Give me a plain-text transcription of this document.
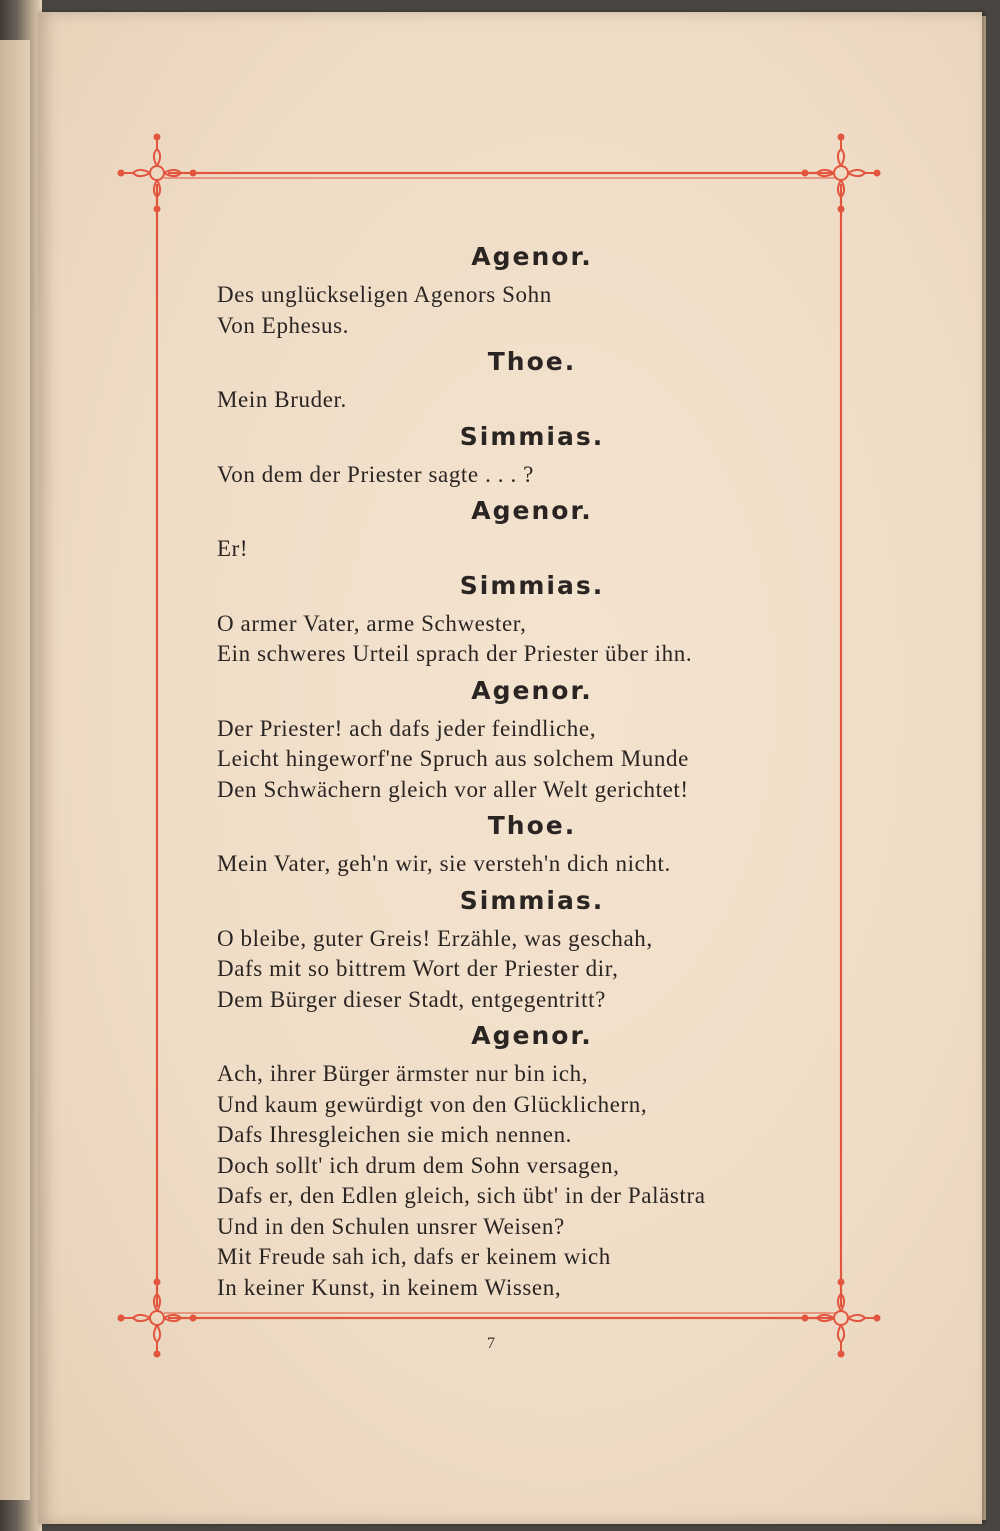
Agenor.
Des unglückseligen Agenors Sohn
Von Ephesus.
Thoe.
Mein Bruder.
Simmias.
Von dem der Priester sagte . . . ?
Agenor.
Er!
Simmias.
O armer Vater, arme Schwester,
Ein schweres Urteil sprach der Priester über ihn.
Agenor.
Der Priester! ach dafs jeder feindliche,
Leicht hingeworf'ne Spruch aus solchem Munde
Den Schwächern gleich vor aller Welt gerichtet!
Thoe.
Mein Vater, geh'n wir, sie versteh'n dich nicht.
Simmias.
O bleibe, guter Greis! Erzähle, was geschah,
Dafs mit so bittrem Wort der Priester dir,
Dem Bürger dieser Stadt, entgegentritt?
Agenor.
Ach, ihrer Bürger ärmster nur bin ich,
Und kaum gewürdigt von den Glücklichern,
Dafs Ihresgleichen sie mich nennen.
Doch sollt' ich drum dem Sohn versagen,
Dafs er, den Edlen gleich, sich übt' in der Palästra
Und in den Schulen unsrer Weisen?
Mit Freude sah ich, dafs er keinem wich
In keiner Kunst, in keinem Wissen,
7
